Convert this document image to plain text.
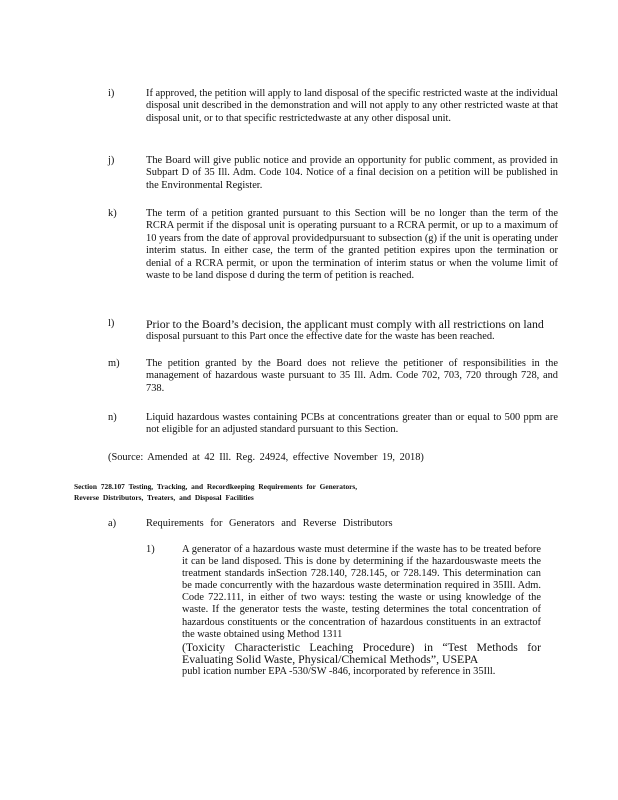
i)	If approved, the petition will apply to land disposal of the specific restricted waste at the individual disposal unit described in the demonstration and will not apply to any other restricted waste at that disposal unit, or to that specific restrictedwaste at any other disposal unit.
j)	The Board will give public notice and provide an opportunity for public comment, as provided in Subpart D of 35 Ill. Adm. Code 104. Notice of a final decision on a petition will be published in the Environmental Register.
k)	The term of a petition granted pursuant to this Section will be no longer than the term of the RCRA permit if the disposal unit is operating pursuant to a RCRA permit, or up to a maximum of 10 years from the date of approval providedpursuant to subsection (g) if the unit is operating under interim status. In either case, the term of the granted petition expires upon the termination or denial of a RCRA permit, or upon the termination of interim status or when the volume limit of waste to be land dispose d during the term of petition is reached.
l)	Prior to the Board’s decision, the applicant must comply with all restrictions on land
disposal pursuant to this Part once the effective date for the waste has been reached.
m)	The petition granted by the Board does not relieve the petitioner of responsibilities in the management of hazardous waste pursuant to 35 Ill. Adm. Code 702, 703, 720 through 728, and 738.
n)	Liquid hazardous wastes containing PCBs at concentrations greater than or equal to 500 ppm are not eligible for an adjusted standard pursuant to this Section.
(Source: Amended at 42 Ill. Reg. 24924, effective November 19, 2018)
Section 728.107 Testing, Tracking, and Recordkeeping Requirements for Generators,
Reverse Distributors, Treaters, and Disposal Facilities
a)	Requirements for Generators and Reverse Distributors
1)	A generator of a hazardous waste must determine if the waste has to be treated before it can be land disposed. This is done by determining if the hazardouswaste meets the treatment standards inSection 728.140, 728.145, or 728.149. This determination can be made concurrently with the hazardous waste determination required in 35Ill. Adm. Code 722.111, in either of two ways: testing the waste or using knowledge of the waste. If the generator tests the waste, testing determines the total concentration of hazardous constituents or the concentration of hazardous constituents in an extractof the waste obtained using Method 1311
(Toxicity Characteristic Leaching Procedure) in “Test Methods for Evaluating Solid Waste, Physical/Chemical Methods”, USEPA
publ ication number EPA -530/SW -846, incorporated by reference in 35Ill.
